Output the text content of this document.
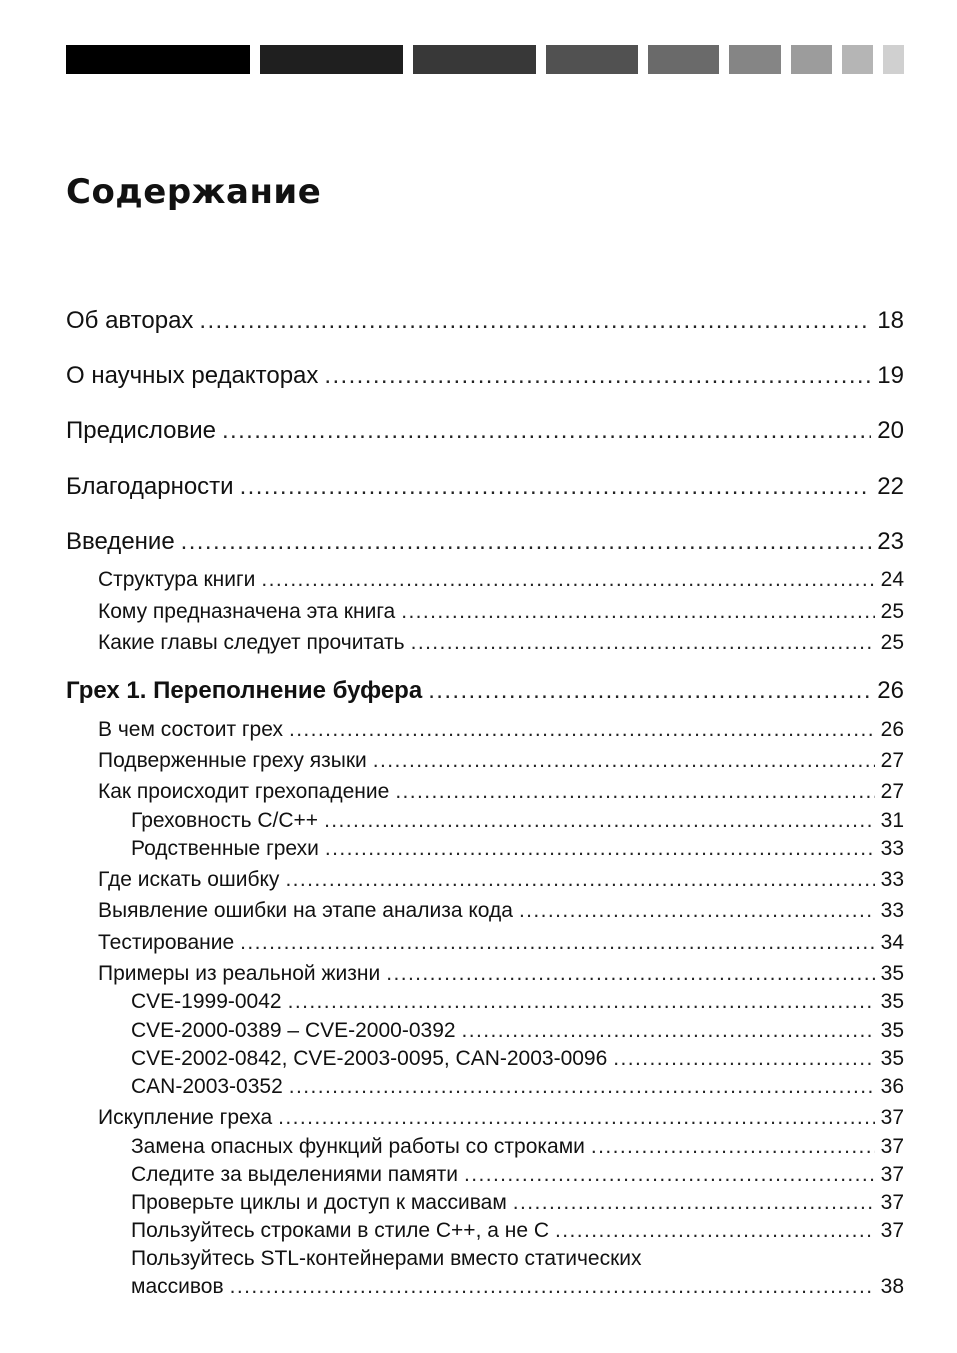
Содержание
Об авторах .....	18
О научных редакторах .....	19
Предисловие .....	20
Благодарности .....	22
Введение .....	23
Структура книги .....	24
Кому предназначена эта книга .....	25
Какие главы следует прочитать .....	25
Грех 1. Переполнение буфера .....	26
В чем состоит грех .....	26
Подверженные греху языки .....	27
Как происходит грехопадение .....	27
Греховность C/C++ .....	31
Родственные грехи .....	33
Где искать ошибку .....	33
Выявление ошибки на этапе анализа кода .....	33
Тестирование .....	34
Примеры из реальной жизни .....	35
CVE-1999-0042 .....	35
CVE-2000-0389 – CVE-2000-0392 .....	35
CVE-2002-0842, CVE-2003-0095, CAN-2003-0096 .....	35
CAN-2003-0352 .....	36
Искупление греха .....	37
Замена опасных функций работы со строками .....	37
Следите за выделениями памяти .....	37
Проверьте циклы и доступ к массивам .....	37
Пользуйтесь строками в стиле C++, а не C .....	37
Пользуйтесь STL-контейнерами вместо статических
массивов .....	38
